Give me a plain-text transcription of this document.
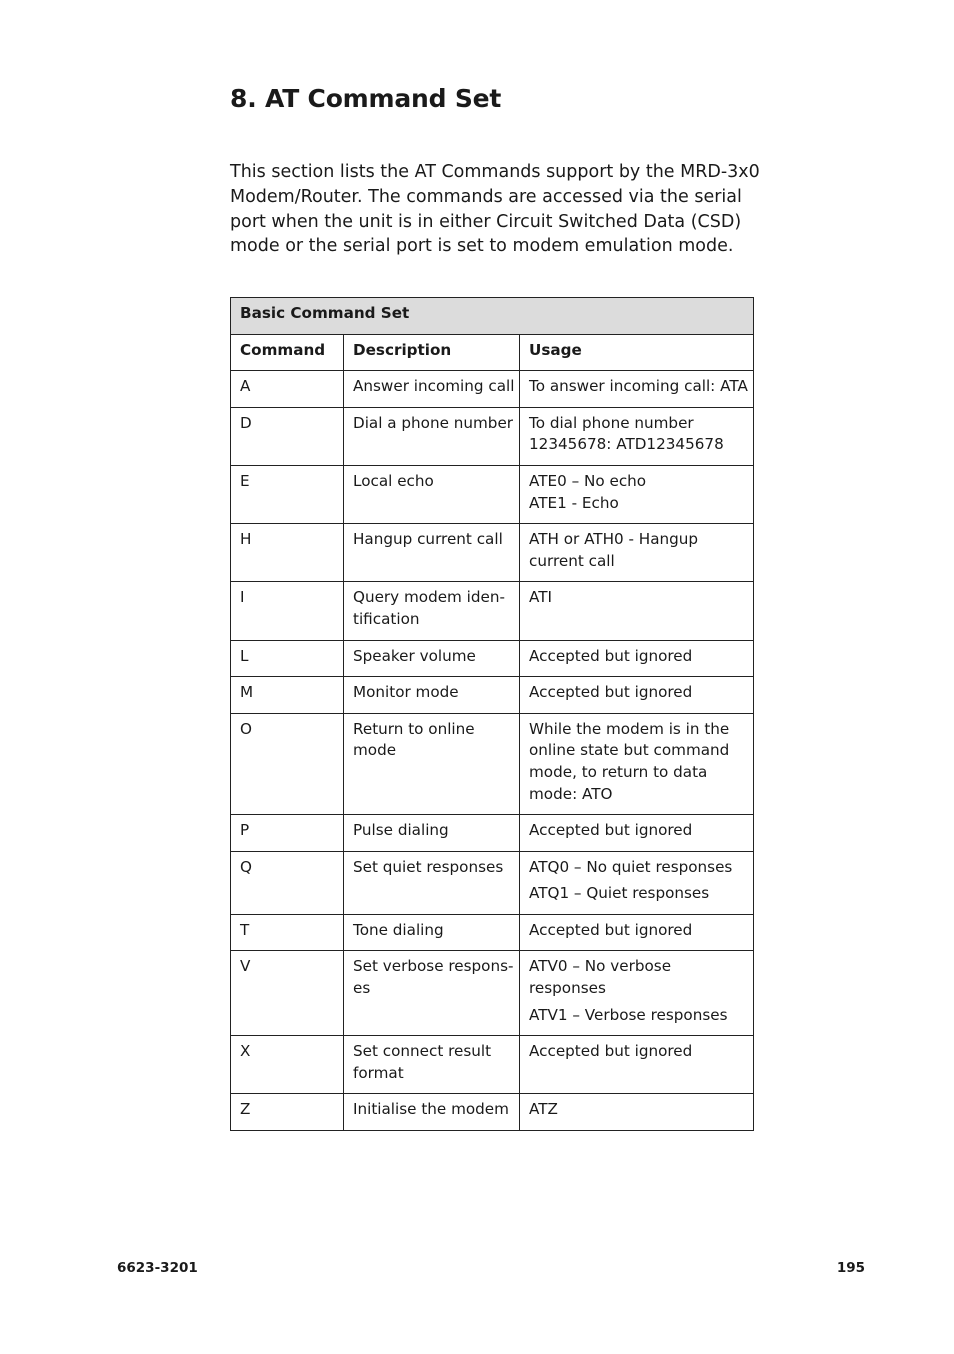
8. AT Command Set

This section lists the AT Commands support by the MRD-3x0
Modem/Router. The commands are accessed via the serial
port when the unit is in either Circuit Switched Data (CSD)
mode or the serial port is set to modem emulation mode.

Basic Command Set		
Command	Description	Usage
A	Answer incoming call	To answer incoming call: ATA

D	Dial a phone number	To dial phone number
12345678: ATD12345678

E	Local echo	ATE0 – No echo
ATE1 - Echo

H	Hangup current call	ATH or ATH0 - Hangup
current call

I	Query modem iden-
tification	ATI

L	Speaker volume	Accepted but ignored

M	Monitor mode	Accepted but ignored

O	Return to online
mode	While the modem is in the
online state but command
mode, to return to data
mode: ATO

P	Pulse dialing	Accepted but ignored

Q	Set quiet responses	ATQ0 – No quiet responses
ATQ1 – Quiet responses

T	Tone dialing	Accepted but ignored

V	Set verbose respons-
es	ATV0 – No verbose
responses
ATV1 – Verbose responses

X	Set connect result
format	Accepted but ignored

Z	Initialise the modem	ATZ
6623-3201	195
